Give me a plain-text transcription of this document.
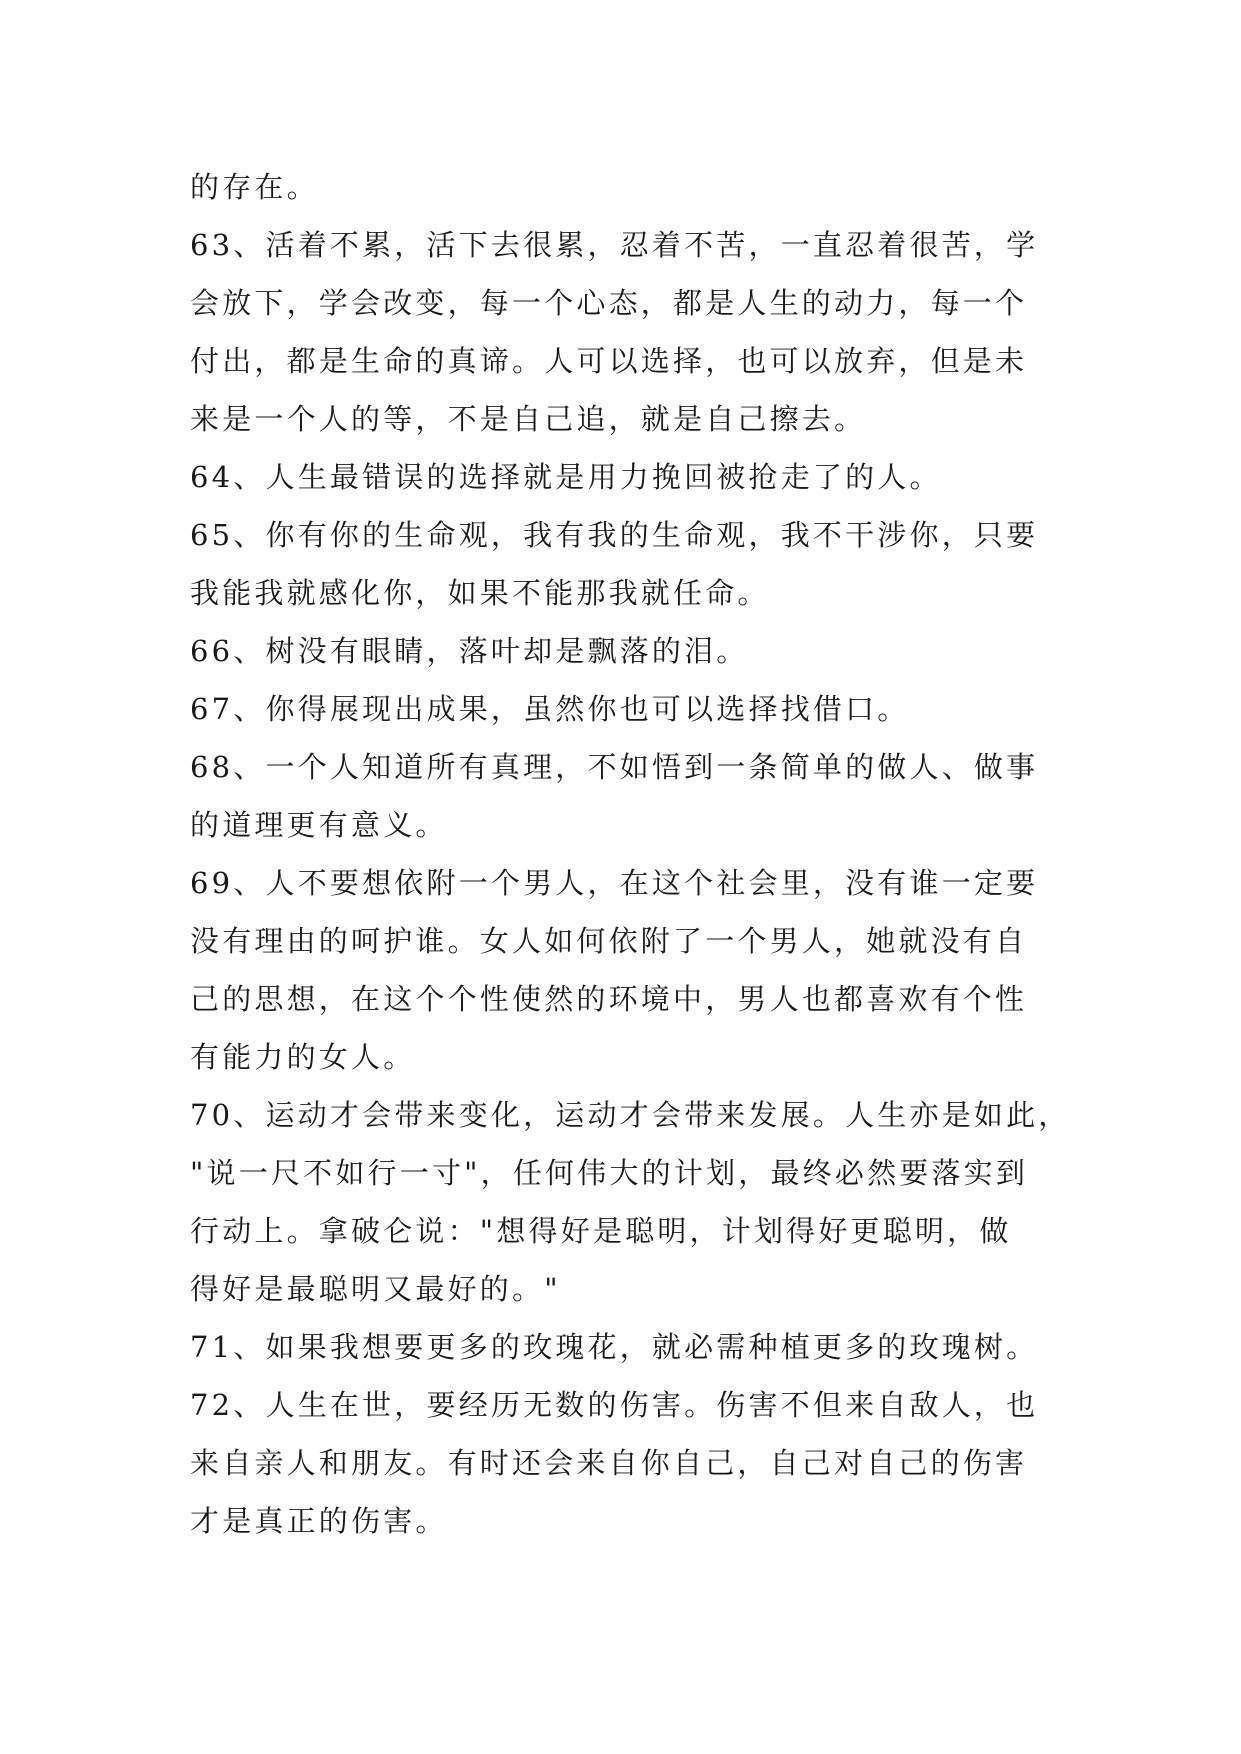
的存在。

63、活着不累，活下去很累，忍着不苦，一直忍着很苦，学
会放下，学会改变，每一个心态，都是人生的动力，每一个
付出，都是生命的真谛。人可以选择，也可以放弃，但是未
来是一个人的等，不是自己追，就是自己擦去。

64、人生最错误的选择就是用力挽回被抢走了的人。

65、你有你的生命观，我有我的生命观，我不干涉你，只要
我能我就感化你，如果不能那我就任命。

66、树没有眼睛，落叶却是飘落的泪。

67、你得展现出成果，虽然你也可以选择找借口。

68、一个人知道所有真理，不如悟到一条简单的做人、做事
的道理更有意义。

69、人不要想依附一个男人，在这个社会里，没有谁一定要
没有理由的呵护谁。女人如何依附了一个男人，她就没有自
己的思想，在这个个性使然的环境中，男人也都喜欢有个性
有能力的女人。

70、运动才会带来变化，运动才会带来发展。人生亦是如此，
"说一尺不如行一寸"，任何伟大的计划，最终必然要落实到
行动上。拿破仑说："想得好是聪明，计划得好更聪明，做
得好是最聪明又最好的。"

71、如果我想要更多的玫瑰花，就必需种植更多的玫瑰树。

72、人生在世，要经历无数的伤害。伤害不但来自敌人，也
来自亲人和朋友。有时还会来自你自己，自己对自己的伤害
才是真正的伤害。
